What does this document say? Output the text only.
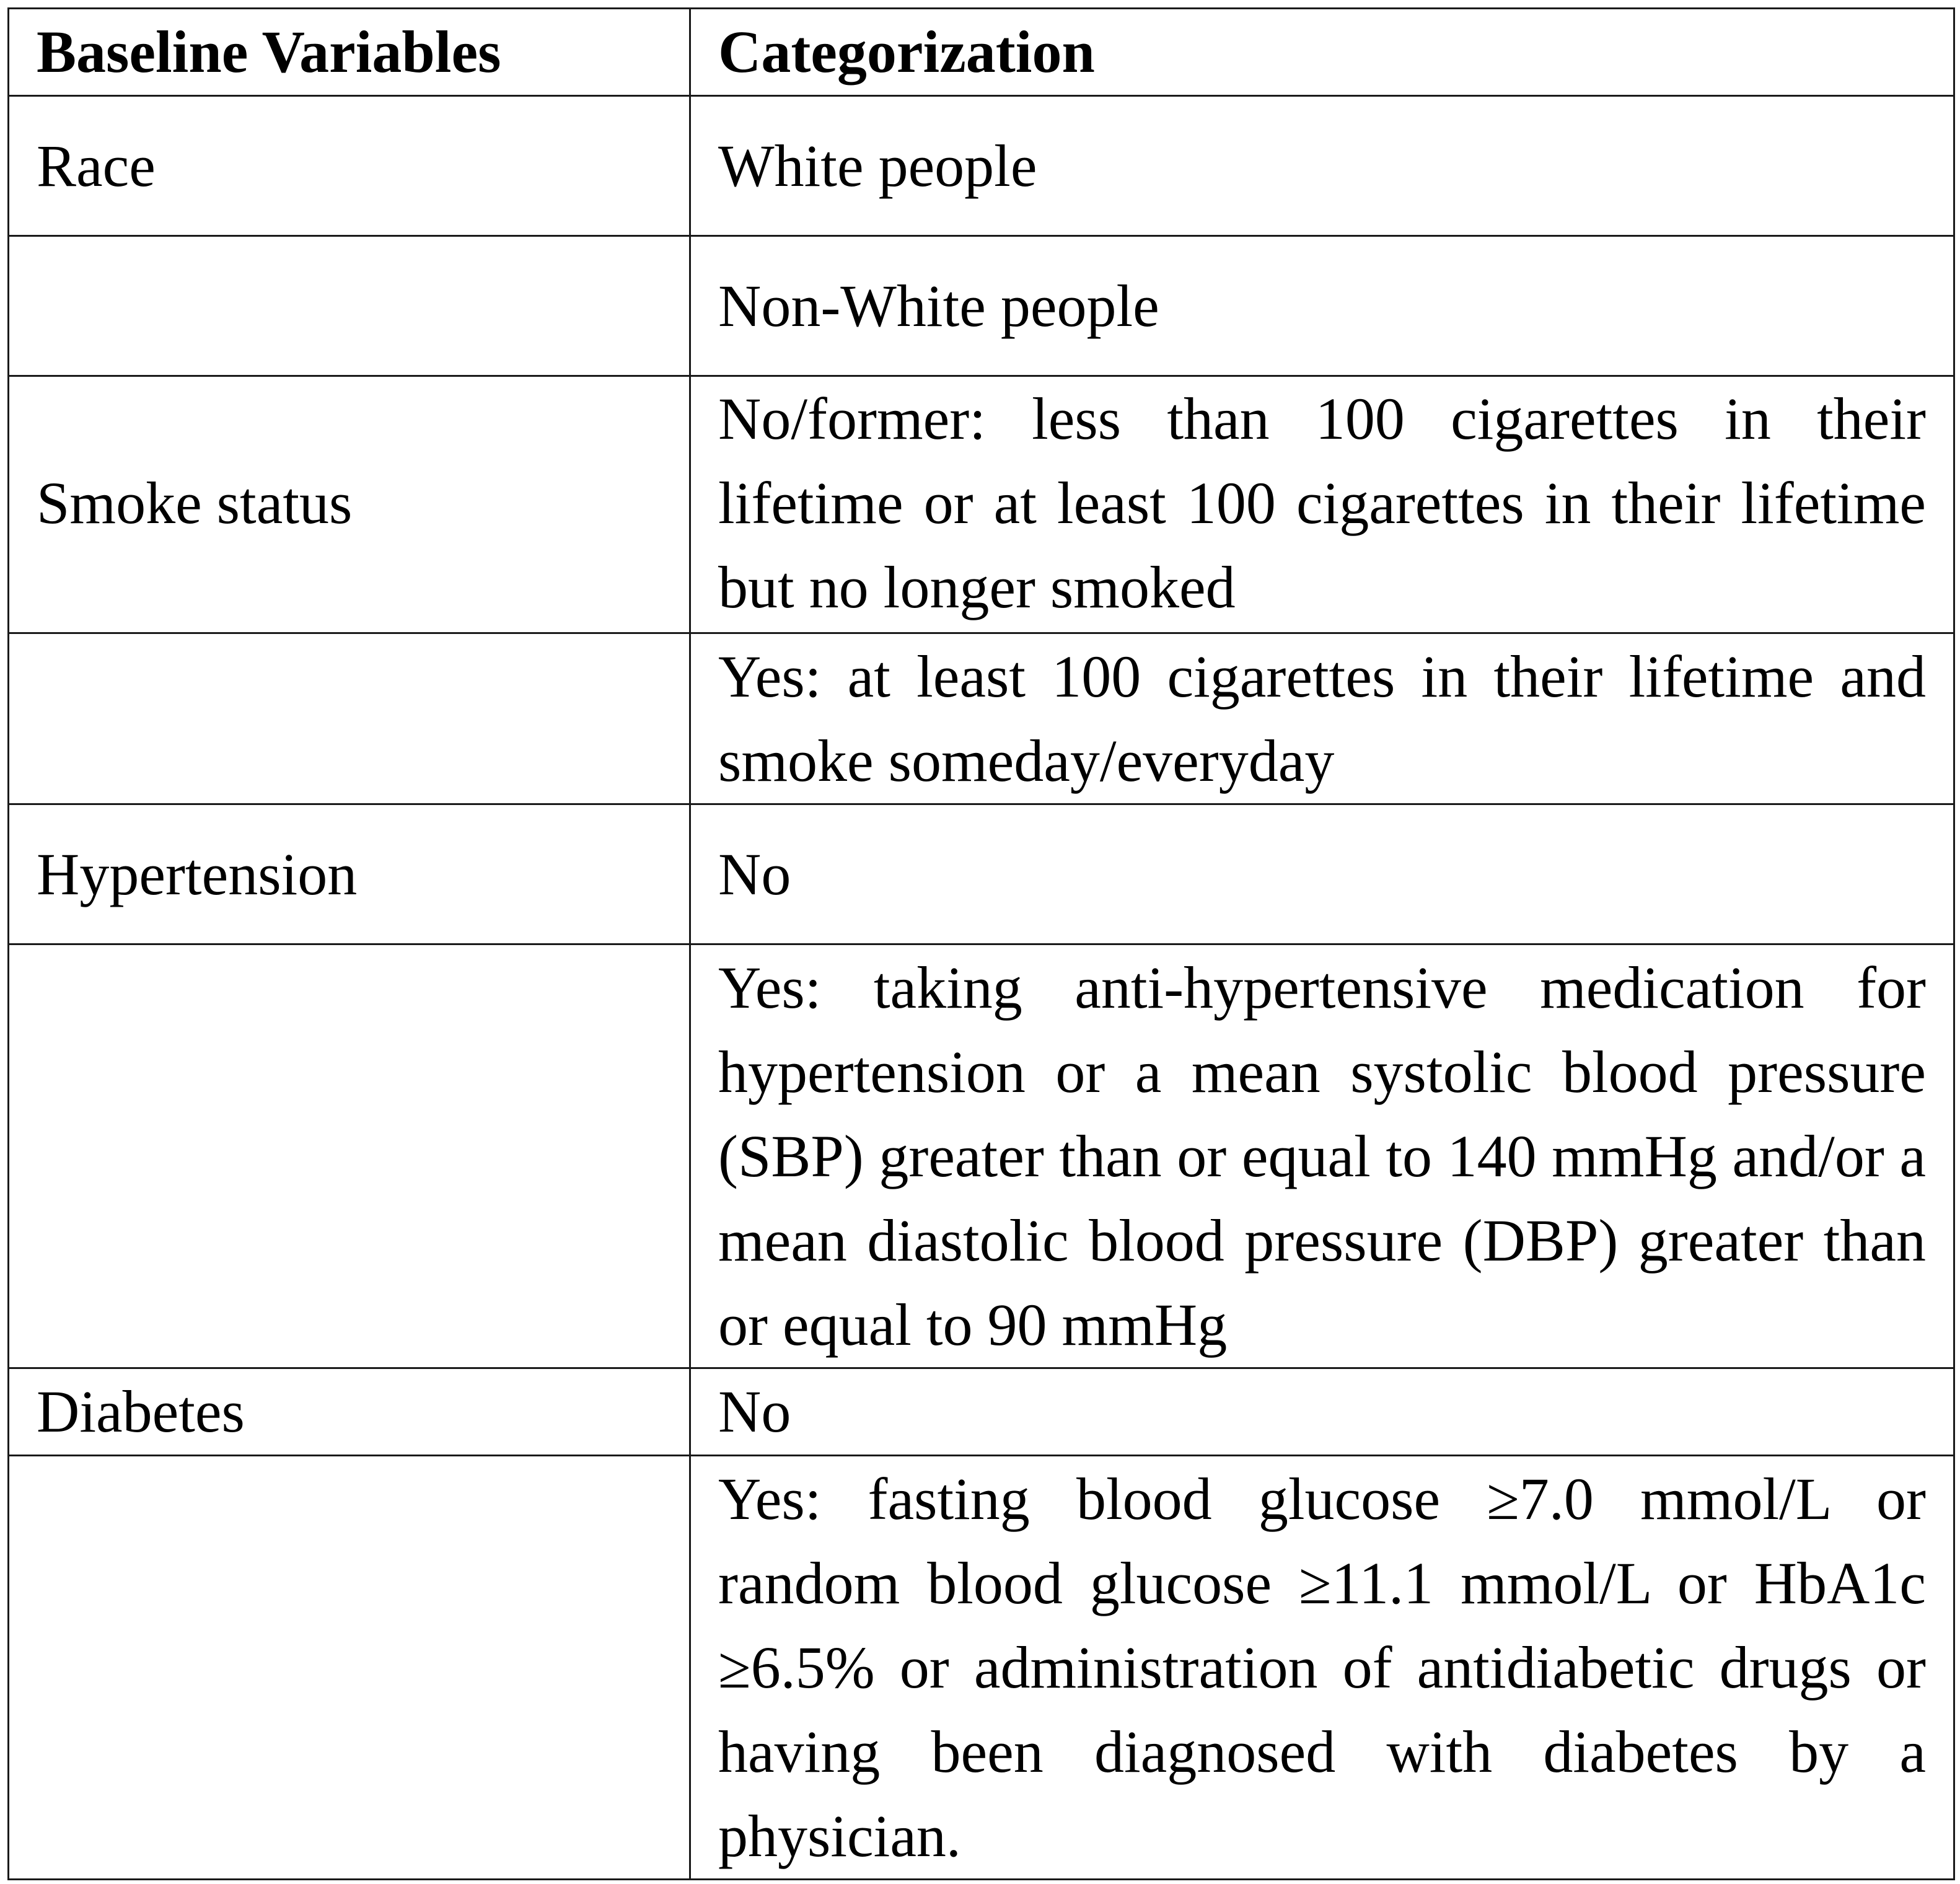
Baseline Variables	Categorization
Race	White people
	Non-White people
Smoke status	No/former: less than 100 cigarettes in their lifetime or at least 100 cigarettes in their lifetime but no longer smoked
	Yes: at least 100 cigarettes in their lifetime and smoke someday/everyday
Hypertension	No
	Yes: taking anti-hypertensive medication for hypertension or a mean systolic blood pressure (SBP) greater than or equal to 140 mmHg and/or a mean diastolic blood pressure (DBP) greater than or equal to 90 mmHg
Diabetes	No
	Yes: fasting blood glucose ≥7.0 mmol/L or random blood glucose ≥11.1 mmol/L or HbA1c ≥6.5% or administration of antidiabetic drugs or having been diagnosed with diabetes by a physician.
